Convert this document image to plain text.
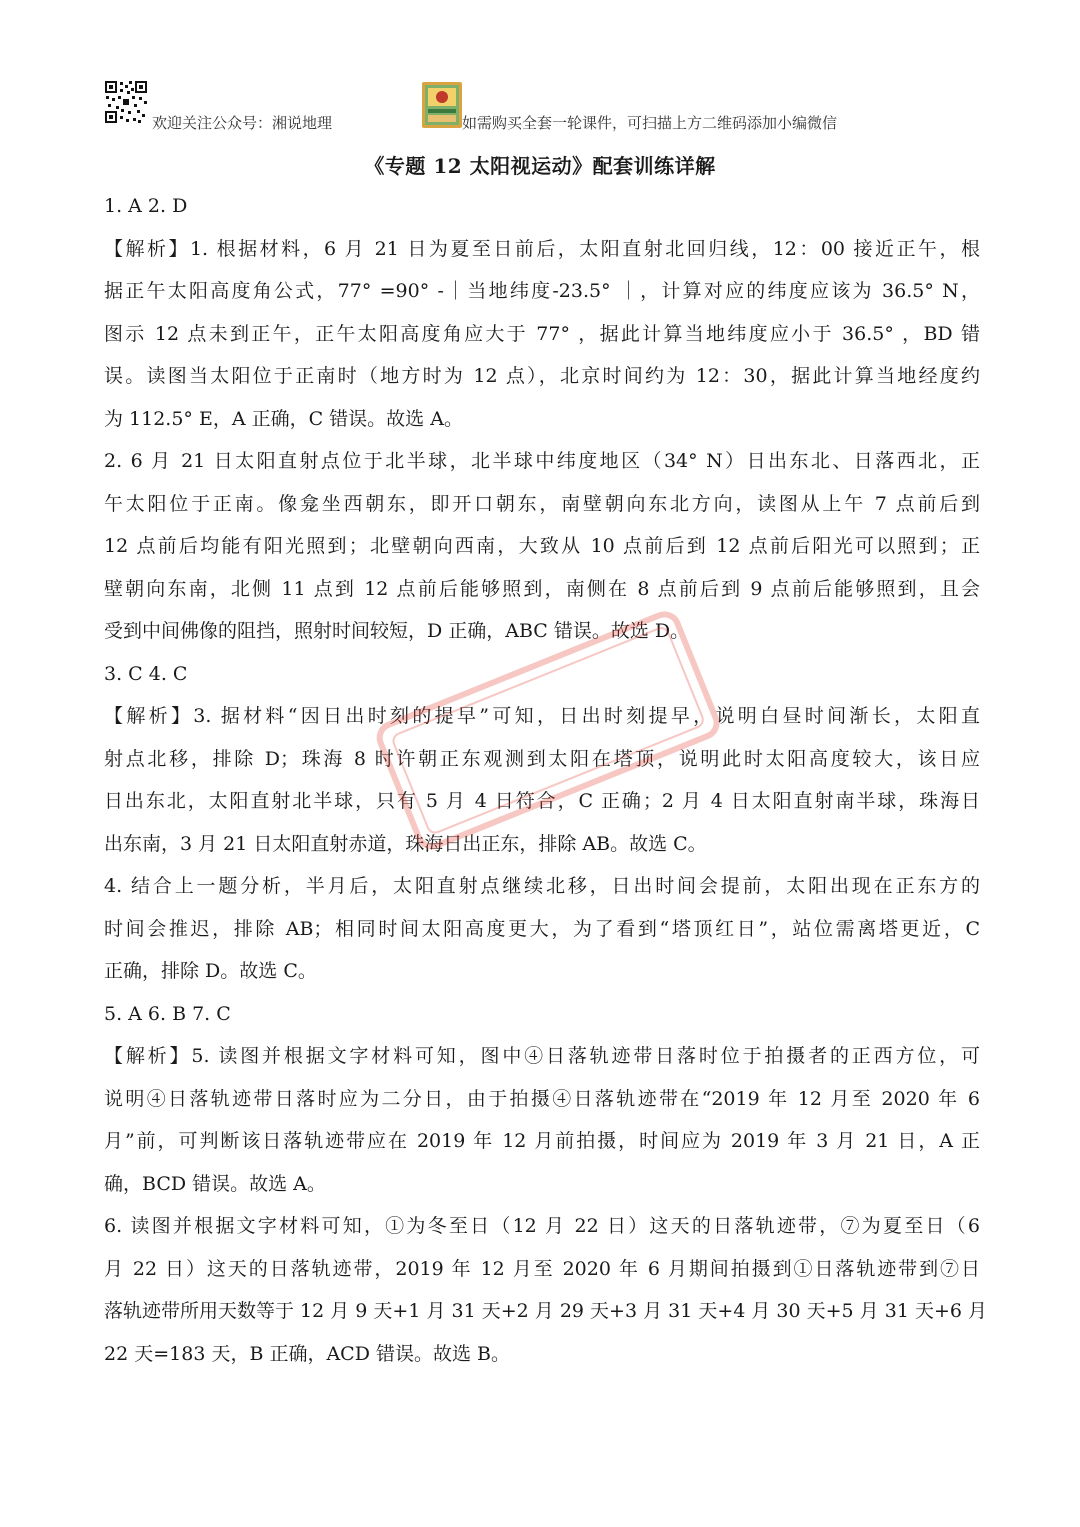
欢迎关注公众号：湘说地理	如需购买全套一轮课件，可扫描上方二维码添加小编微信
《专题 12 太阳视运动》配套训练详解
1. A 2. D
【解析】1. 根据材料，6 月 21 日为夏至日前后，太阳直射北回归线，12：00 接近正午，根
据正午太阳高度角公式，77° =90° -｜当地纬度-23.5° ｜，计算对应的纬度应该为 36.5° N，
图示 12 点未到正午，正午太阳高度角应大于 77° ，据此计算当地纬度应小于 36.5° ，BD 错
误。读图当太阳位于正南时（地方时为 12 点），北京时间约为 12：30，据此计算当地经度约
为 112.5° E，A 正确，C 错误。故选 A。
2. 6 月 21 日太阳直射点位于北半球，北半球中纬度地区（34° N）日出东北、日落西北，正
午太阳位于正南。像龛坐西朝东，即开口朝东，南壁朝向东北方向，读图从上午 7 点前后到
12 点前后均能有阳光照到；北壁朝向西南，大致从 10 点前后到 12 点前后阳光可以照到；正
壁朝向东南，北侧 11 点到 12 点前后能够照到，南侧在 8 点前后到 9 点前后能够照到，且会
受到中间佛像的阻挡，照射时间较短，D 正确，ABC 错误。故选 D。
3. C 4. C
【解析】3. 据材料“因日出时刻的提早”可知，日出时刻提早，说明白昼时间渐长，太阳直
射点北移，排除 D；珠海 8 时许朝正东观测到太阳在塔顶，说明此时太阳高度较大，该日应
日出东北，太阳直射北半球，只有 5 月 4 日符合，C 正确；2 月 4 日太阳直射南半球，珠海日
出东南，3 月 21 日太阳直射赤道，珠海日出正东，排除 AB。故选 C。
4. 结合上一题分析，半月后，太阳直射点继续北移，日出时间会提前，太阳出现在正东方的
时间会推迟，排除 AB；相同时间太阳高度更大，为了看到“塔顶红日”，站位需离塔更近，C
正确，排除 D。故选 C。
5. A 6. B 7. C
【解析】5. 读图并根据文字材料可知，图中④日落轨迹带日落时位于拍摄者的正西方位，可
说明④日落轨迹带日落时应为二分日，由于拍摄④日落轨迹带在“2019 年 12 月至 2020 年 6
月”前，可判断该日落轨迹带应在 2019 年 12 月前拍摄，时间应为 2019 年 3 月 21 日，A 正
确，BCD 错误。故选 A。
6. 读图并根据文字材料可知，①为冬至日（12 月 22 日）这天的日落轨迹带，⑦为夏至日（6
月 22 日）这天的日落轨迹带，2019 年 12 月至 2020 年 6 月期间拍摄到①日落轨迹带到⑦日
落轨迹带所用天数等于 12 月 9 天+1 月 31 天+2 月 29 天+3 月 31 天+4 月 30 天+5 月 31 天+6 月
22 天=183 天，B 正确，ACD 错误。故选 B。
